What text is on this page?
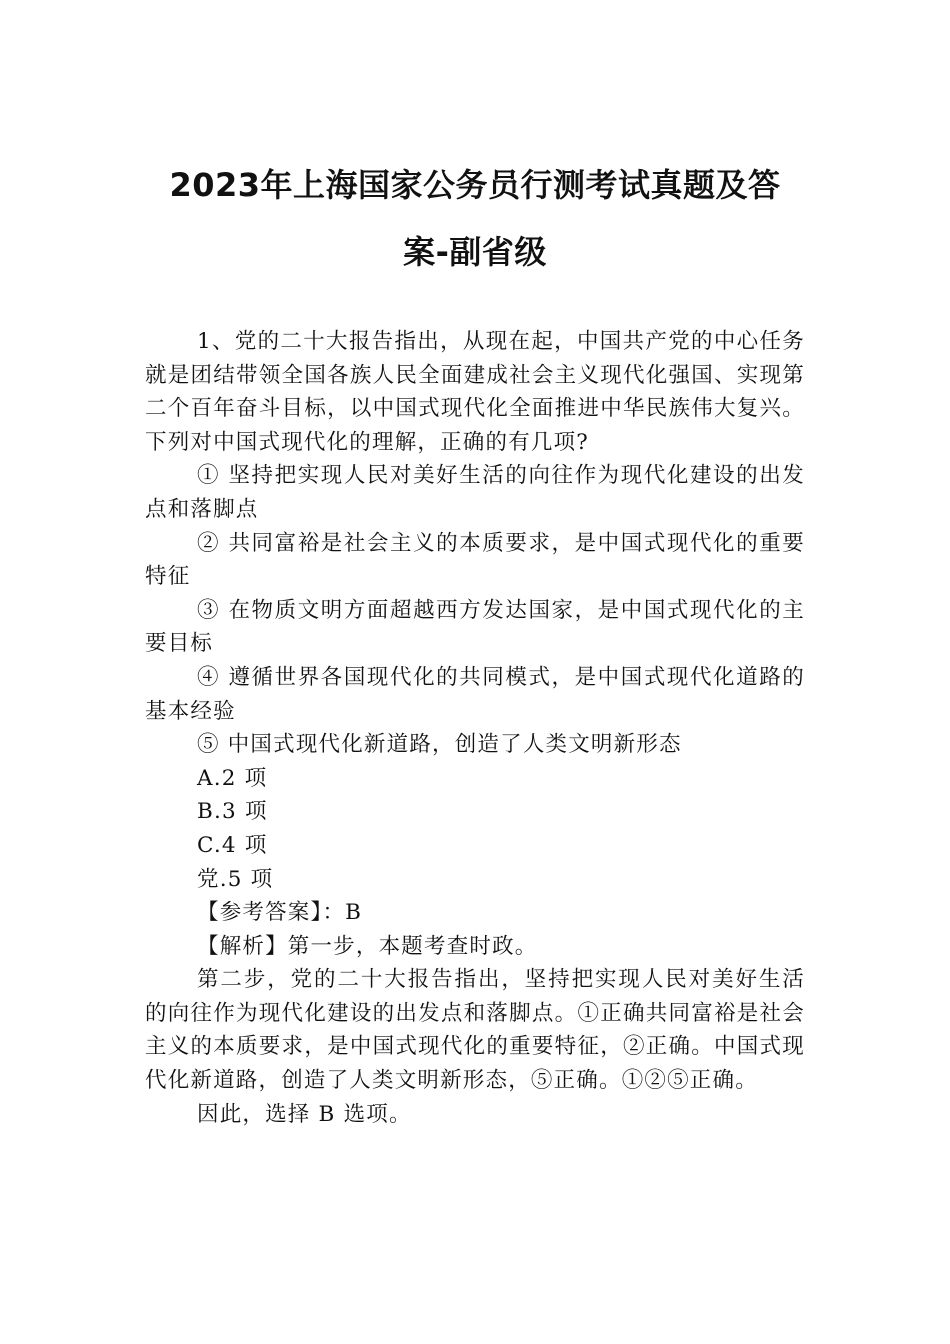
2023年上海国家公务员行测考试真题及答
案-副省级

1、党的二十大报告指出，从现在起，中国共产党的中心任务就是团结带领全国各族人民全面建成社会主义现代化强国、实现第二个百年奋斗目标，以中国式现代化全面推进中华民族伟大复兴。下列对中国式现代化的理解，正确的有几项?

① 坚持把实现人民对美好生活的向往作为现代化建设的出发点和落脚点

② 共同富裕是社会主义的本质要求，是中国式现代化的重要特征

③ 在物质文明方面超越西方发达国家，是中国式现代化的主要目标

④ 遵循世界各国现代化的共同模式，是中国式现代化道路的基本经验

⑤ 中国式现代化新道路，创造了人类文明新形态

A.2 项

B.3 项

C.4 项

党.5 项

【参考答案】：B

【解析】第一步，本题考查时政。

第二步，党的二十大报告指出，坚持把实现人民对美好生活的向往作为现代化建设的出发点和落脚点。①正确共同富裕是社会主义的本质要求，是中国式现代化的重要特征，②正确。中国式现代化新道路，创造了人类文明新形态，⑤正确。①②⑤正确。

因此，选择 B 选项。
